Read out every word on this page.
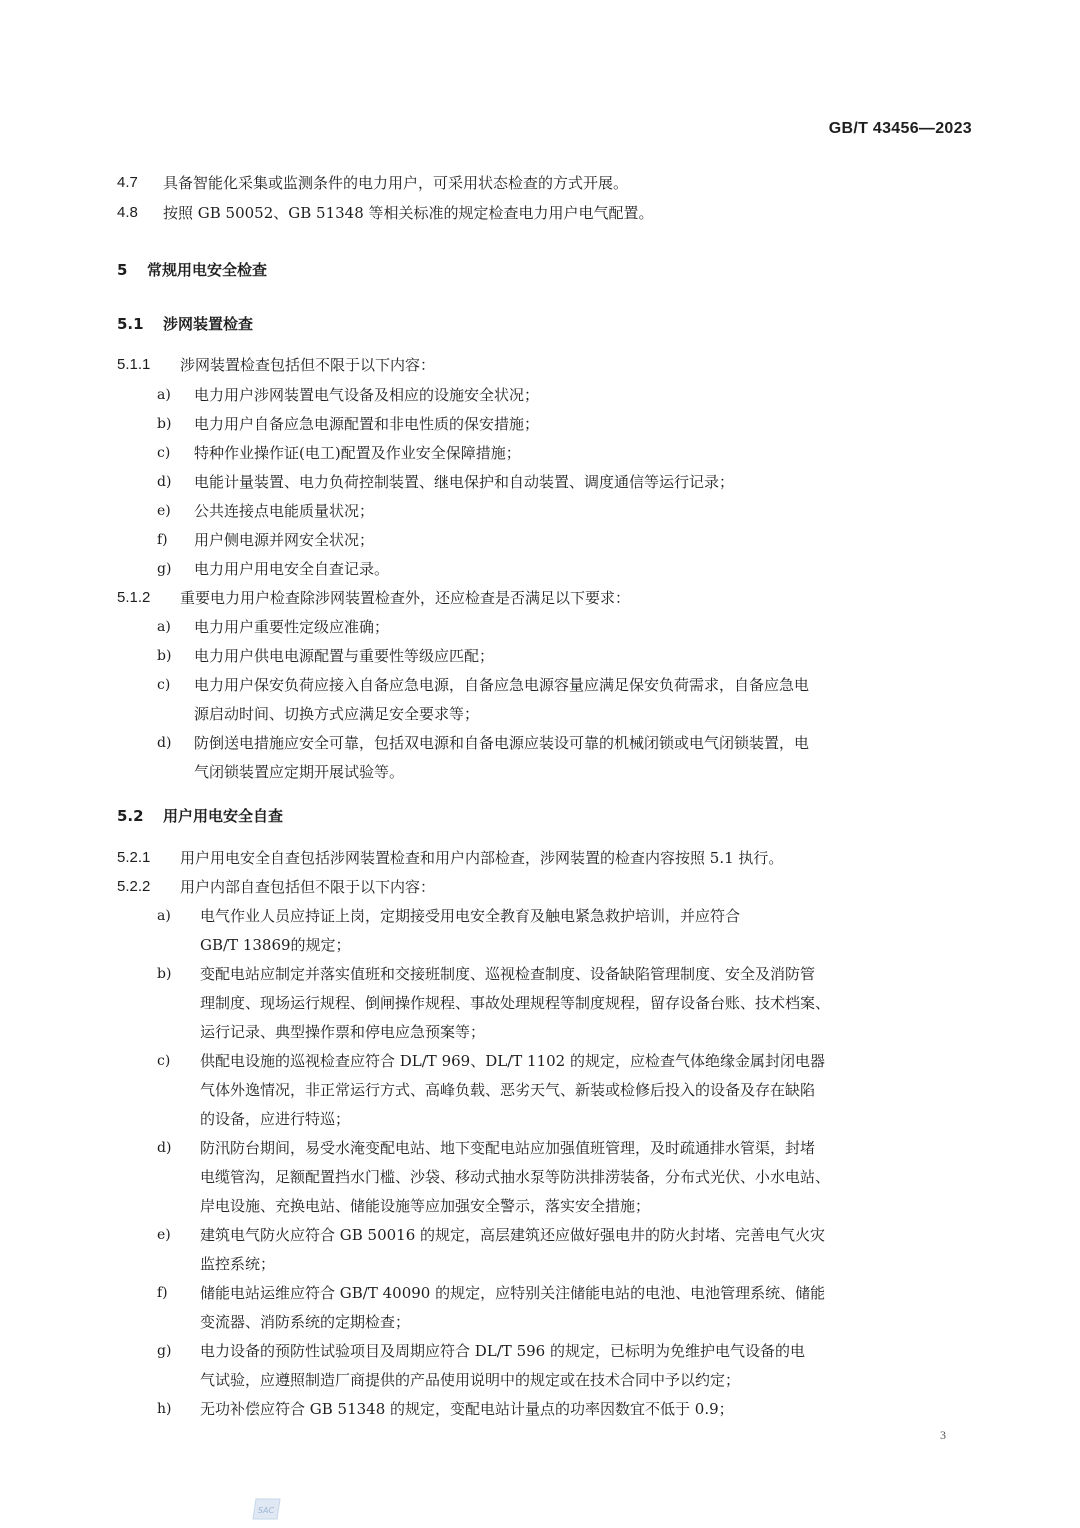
GB/T 43456—2023
4.7 具备智能化采集或监测条件的电力用户，可采用状态检查的方式开展。
4.8 按照 GB 50052、GB 51348 等相关标准的规定检查电力用户电气配置。
5 常规用电安全检查
5.1 涉网装置检查
5.1.1 涉网装置检查包括但不限于以下内容：
a) 电力用户涉网装置电气设备及相应的设施安全状况；
b) 电力用户自备应急电源配置和非电性质的保安措施；
c) 特种作业操作证(电工)配置及作业安全保障措施；
d) 电能计量装置、电力负荷控制装置、继电保护和自动装置、调度通信等运行记录；
e) 公共连接点电能质量状况；
f) 用户侧电源并网安全状况；
g) 电力用户用电安全自查记录。
5.1.2 重要电力用户检查除涉网装置检查外，还应检查是否满足以下要求：
a) 电力用户重要性定级应准确；
b) 电力用户供电电源配置与重要性等级应匹配；
c) 电力用户保安负荷应接入自备应急电源，自备应急电源容量应满足保安负荷需求，自备应急电
源启动时间、切换方式应满足安全要求等；
d) 防倒送电措施应安全可靠，包括双电源和自备电源应装设可靠的机械闭锁或电气闭锁装置，电
气闭锁装置应定期开展试验等。
5.2 用户用电安全自查
5.2.1 用户用电安全自查包括涉网装置检查和用户内部检查，涉网装置的检查内容按照 5.1 执行。
5.2.2 用户内部自查包括但不限于以下内容：
a) 电气作业人员应持证上岗，定期接受用电安全教育及触电紧急救护培训，并应符合
GB/T 13869的规定；
b) 变配电站应制定并落实值班和交接班制度、巡视检查制度、设备缺陷管理制度、安全及消防管
理制度、现场运行规程、倒闸操作规程、事故处理规程等制度规程，留存设备台账、技术档案、
运行记录、典型操作票和停电应急预案等；
c) 供配电设施的巡视检查应符合 DL/T 969、DL/T 1102 的规定，应检查气体绝缘金属封闭电器
气体外逸情况，非正常运行方式、高峰负载、恶劣天气、新装或检修后投入的设备及存在缺陷
的设备，应进行特巡；
d) 防汛防台期间，易受水淹变配电站、地下变配电站应加强值班管理，及时疏通排水管渠，封堵
电缆管沟，足额配置挡水门槛、沙袋、移动式抽水泵等防洪排涝装备，分布式光伏、小水电站、
岸电设施、充换电站、储能设施等应加强安全警示，落实安全措施；
e) 建筑电气防火应符合 GB 50016 的规定，高层建筑还应做好强电井的防火封堵、完善电气火灾
监控系统；
f) 储能电站运维应符合 GB/T 40090 的规定，应特别关注储能电站的电池、电池管理系统、储能
变流器、消防系统的定期检查；
g) 电力设备的预防性试验项目及周期应符合 DL/T 596 的规定，已标明为免维护电气设备的电
气试验，应遵照制造厂商提供的产品使用说明中的规定或在技术合同中予以约定；
h) 无功补偿应符合 GB 51348 的规定，变配电站计量点的功率因数宜不低于 0.9；
3
SAC
